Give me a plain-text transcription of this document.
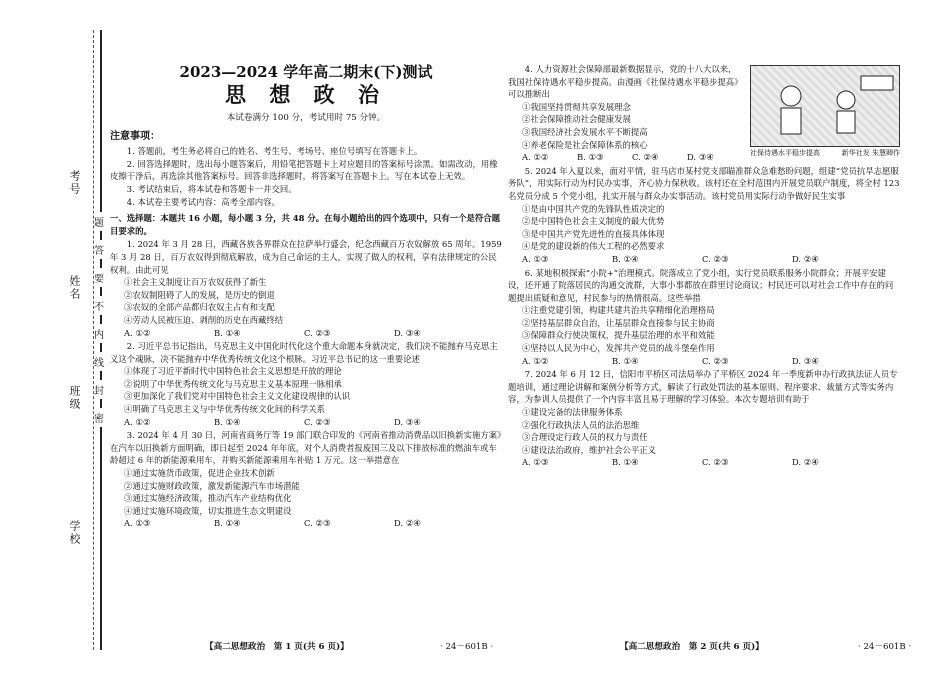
考号
姓名
班级
学校
题
答
要
不
内
线
封
密
2023—2024 学年高二期末(下)测试
思 想 政 治
本试卷满分 100 分，考试用时 75 分钟。
注意事项：
1. 答题前，考生务必将自己的姓名、考生号、考场号、座位号填写在答题卡上。
2. 回答选择题时，选出每小题答案后，用铅笔把答题卡上对应题目的答案标号涂黑。如需改动，用橡皮擦干净后，再选涂其他答案标号。回答非选择题时，将答案写在答题卡上。写在本试卷上无效。
3. 考试结束后，将本试卷和答题卡一并交回。
4. 本试卷主要考试内容：高考全部内容。
一、选择题：本题共 16 小题，每小题 3 分，共 48 分。在每小题给出的四个选项中，只有一个是符合题目要求的。
1. 2024 年 3 月 28 日，西藏各族各界群众在拉萨举行盛会，纪念西藏百万农奴解放 65 周年。1959 年 3 月 28 日，百万农奴得到彻底解放，成为自己命运的主人，实现了做人的权利，享有法律规定的公民权利。由此可见
①社会主义制度让百万农奴获得了新生
②农奴制阻碍了人的发展，是历史的倒退
③农奴的全部产品都归农奴主占有和支配
④劳动人民被压迫、剥削的历史在西藏终结
A. ①②	B. ①④	C. ②③	D. ③④
2. 习近平总书记指出，马克思主义中国化时代化这个重大命题本身就决定，我们决不能抛弃马克思主义这个魂脉，决不能抛弃中华优秀传统文化这个根脉。习近平总书记的这一重要论述
①体现了习近平新时代中国特色社会主义思想是开放的理论
②说明了中华优秀传统文化与马克思主义基本原理一脉相承
③更加深化了我们党对中国特色社会主义文化建设规律的认识
④明确了马克思主义与中华优秀传统文化间的科学关系
A. ①②	B. ①④	C. ②③	D. ③④
3. 2024 年 4 月 30 日，河南省商务厅等 19 部门联合印发的《河南省推动消费品以旧换新实施方案》在汽车以旧换新方面明确，即日起至 2024 年年底，对个人消费者报废国三及以下排放标准的燃油车或车龄超过 6 年的新能源乘用车，并购买新能源乘用车补贴 1 万元。这一举措意在
①通过实施货币政策，促进企业技术创新
②通过实施财政政策，激发新能源汽车市场潜能
③通过实施经济政策，推动汽车产业结构优化
④通过实施环境政策，切实推进生态文明建设
A. ①③	B. ①④	C. ②③	D. ②④
【高二思想政治　第 1 页(共 6 页)】	· 24－601B ·
社保待遇水平稳步提高	新华社发 朱慧卿作
4. 人力资源社会保障部最新数据显示，党的十八大以来，我国社保待遇水平稳步提高。由漫画《社保待遇水平稳步提高》可以推断出
①我国坚持贯彻共享发展理念
②社会保障推动社会健康发展
③我国经济社会发展水平不断提高
④养老保险是社会保障体系的核心
A. ①②	B. ①③	C. ②④	D. ③④
5. 2024 年入夏以来，面对平情，驻马店市某村党支部瞄准群众急难愁盼问题，组建“党员抗旱志愿服务队”，用实际行动为村民办实事，齐心协力保秋收。该村还在全村范围内开展党员联户制度，将全村 123 名党员分成 5 个党小组，扎实开展与群众办实事活动。该村党员用实际行动争做好民生实事
①是由中国共产党的先锋队性质决定的
②是中国特色社会主义制度的最大优势
③是中国共产党先进性的直接具体体现
④是党的建设新的伟大工程的必然要求
A. ①③	B. ①④	C. ②③	D. ②④
6. 某地积极探索“小院+”治理模式。院落成立了党小组，实行党员联系服务小院群众；开展平安建设，还开通了院落居民的沟通交流群，大事小事都放在群里讨论商议；村民还可以对社会工作中存在的问题提出质疑和意见，村民参与的热情很高。这些举措
①注重党建引领，构建共建共治共享精细化治理格局
②坚持基层群众自治，让基层群众直接参与民主协商
③保障群众行使决策权，提升基层治理的水平和效能
④坚持以人民为中心，发挥共产党员的战斗堡垒作用
A. ①②	B. ①④	C. ②③	D. ③④
7. 2024 年 6 月 12 日，信阳市平桥区司法局举办了平桥区 2024 年一季度新申办行政执法证人员专题培训，通过理论讲解和案例分析等方式，解读了行政处罚法的基本原则、程序要求、裁量方式等实务内容，为参训人员提供了一个内容丰富且易于理解的学习体验。本次专题培训有助于
①建设完备的法律服务体系
②强化行政执法人员的法治思维
③合理设定行政人员的权力与责任
④建设法治政府，维护社会公平正义
A. ①③	B. ①④	C. ②③	D. ②④
【高二思想政治　第 2 页(共 6 页)】	· 24－601B ·
